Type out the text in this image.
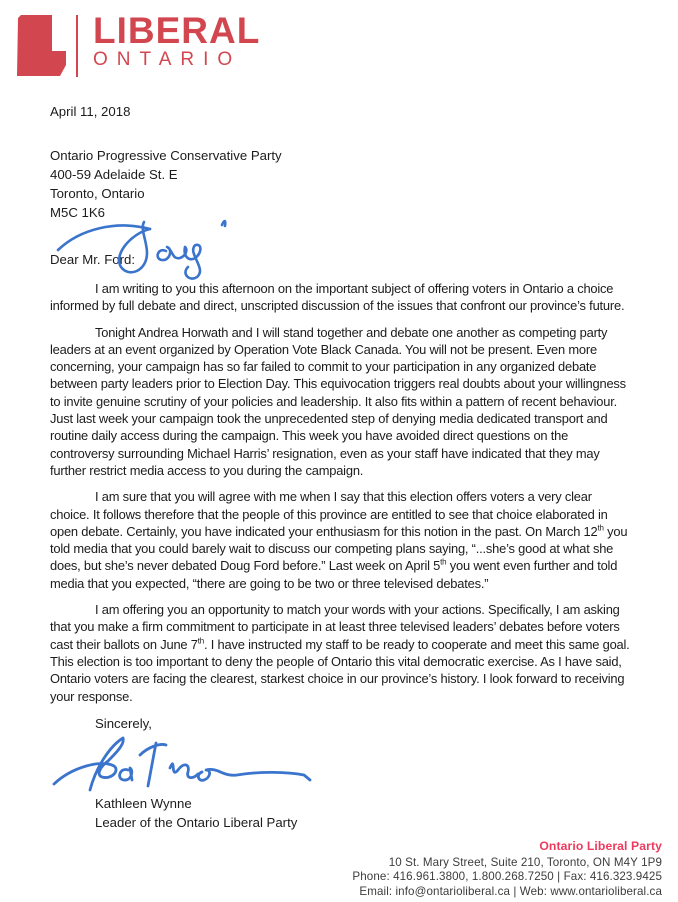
LIBERAL
ONTARIO
April 11, 2018
Ontario Progressive Conservative Party
400-59 Adelaide St. E
Toronto, Ontario
M5C 1K6
Dear Mr. Ford:

I am writing to you this afternoon on the important subject of offering voters in Ontario a choice informed by full debate and direct, unscripted discussion of the issues that confront our province’s future.

Tonight Andrea Horwath and I will stand together and debate one another as competing party leaders at an event organized by Operation Vote Black Canada. You will not be present. Even more concerning, your campaign has so far failed to commit to your participation in any organized debate between party leaders prior to Election Day. This equivocation triggers real doubts about your willingness to invite genuine scrutiny of your policies and leadership. It also fits within a pattern of recent behaviour. Just last week your campaign took the unprecedented step of denying media dedicated transport and routine daily access during the campaign. This week you have avoided direct questions on the controversy surrounding Michael Harris’ resignation, even as your staff have indicated that they may further restrict media access to you during the campaign.

I am sure that you will agree with me when I say that this election offers voters a very clear choice. It follows therefore that the people of this province are entitled to see that choice elaborated in open debate. Certainly, you have indicated your enthusiasm for this notion in the past. On March 12th you told media that you could barely wait to discuss our competing plans saying, “...she’s good at what she does, but she’s never debated Doug Ford before.” Last week on April 5th you went even further and told media that you expected, “there are going to be two or three televised debates.”

I am offering you an opportunity to match your words with your actions. Specifically, I am asking that you make a firm commitment to participate in at least three televised leaders’ debates before voters cast their ballots on June 7th. I have instructed my staff to be ready to cooperate and meet this same goal. This election is too important to deny the people of Ontario this vital democratic exercise. As I have said, Ontario voters are facing the clearest, starkest choice in our province’s history. I look forward to receiving your response.

Sincerely,
Kathleen Wynne
Leader of the Ontario Liberal Party
Ontario Liberal Party
10 St. Mary Street, Suite 210, Toronto, ON M4Y 1P9
Phone: 416.961.3800, 1.800.268.7250 | Fax: 416.323.9425
Email: info@ontarioliberal.ca | Web: www.ontarioliberal.ca
